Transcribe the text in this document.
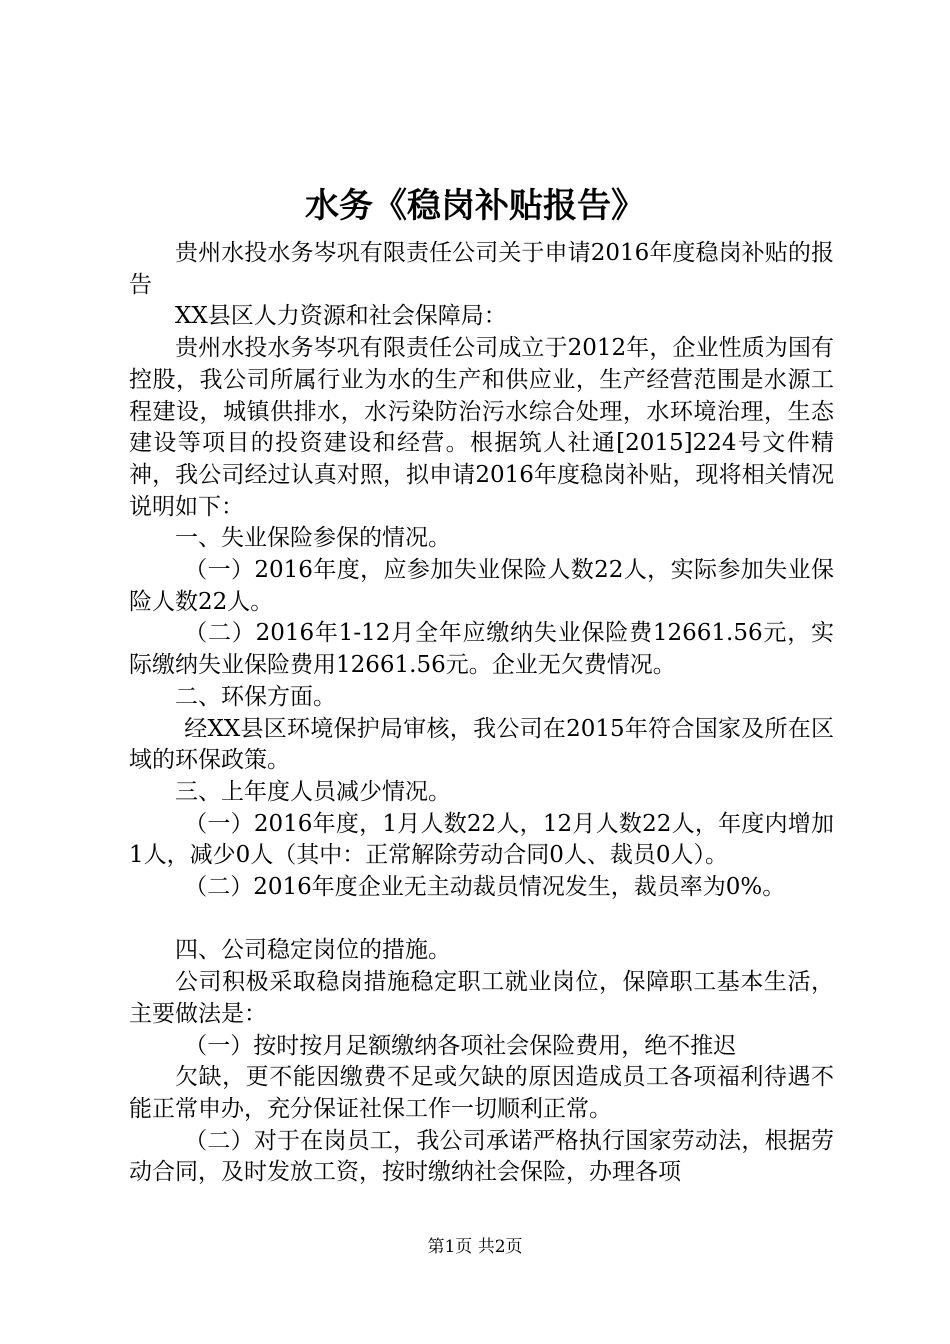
水务《稳岗补贴报告》

贵州水投水务岑巩有限责任公司关于申请2016年度稳岗补贴的报告

XX县区人力资源和社会保障局：

贵州水投水务岑巩有限责任公司成立于2012年，企业性质为国有控股，我公司所属行业为水的生产和供应业，生产经营范围是水源工程建设，城镇供排水，水污染防治污水综合处理，水环境治理，生态建设等项目的投资建设和经营。根据筑人社通[2015]224号文件精神，我公司经过认真对照，拟申请2016年度稳岗补贴，现将相关情况说明如下：

一、失业保险参保的情况。

（一）2016年度，应参加失业保险人数22人，实际参加失业保险人数22人。

（二）2016年1-12月全年应缴纳失业保险费12661.56元，实际缴纳失业保险费用12661.56元。企业无欠费情况。

二、环保方面。

经XX县区环境保护局审核，我公司在2015年符合国家及所在区域的环保政策。

三、上年度人员减少情况。

（一）2016年度，1月人数22人，12月人数22人，年度内增加1人，减少0人（其中：正常解除劳动合同0人、裁员0人）。

（二）2016年度企业无主动裁员情况发生，裁员率为0%。

四、公司稳定岗位的措施。

公司积极采取稳岗措施稳定职工就业岗位，保障职工基本生活，主要做法是：

（一）按时按月足额缴纳各项社会保险费用，绝不推迟

欠缺，更不能因缴费不足或欠缺的原因造成员工各项福利待遇不能正常申办，充分保证社保工作一切顺利正常。

（二）对于在岗员工，我公司承诺严格执行国家劳动法，根据劳动合同，及时发放工资，按时缴纳社会保险，办理各项

第1页 共2页
